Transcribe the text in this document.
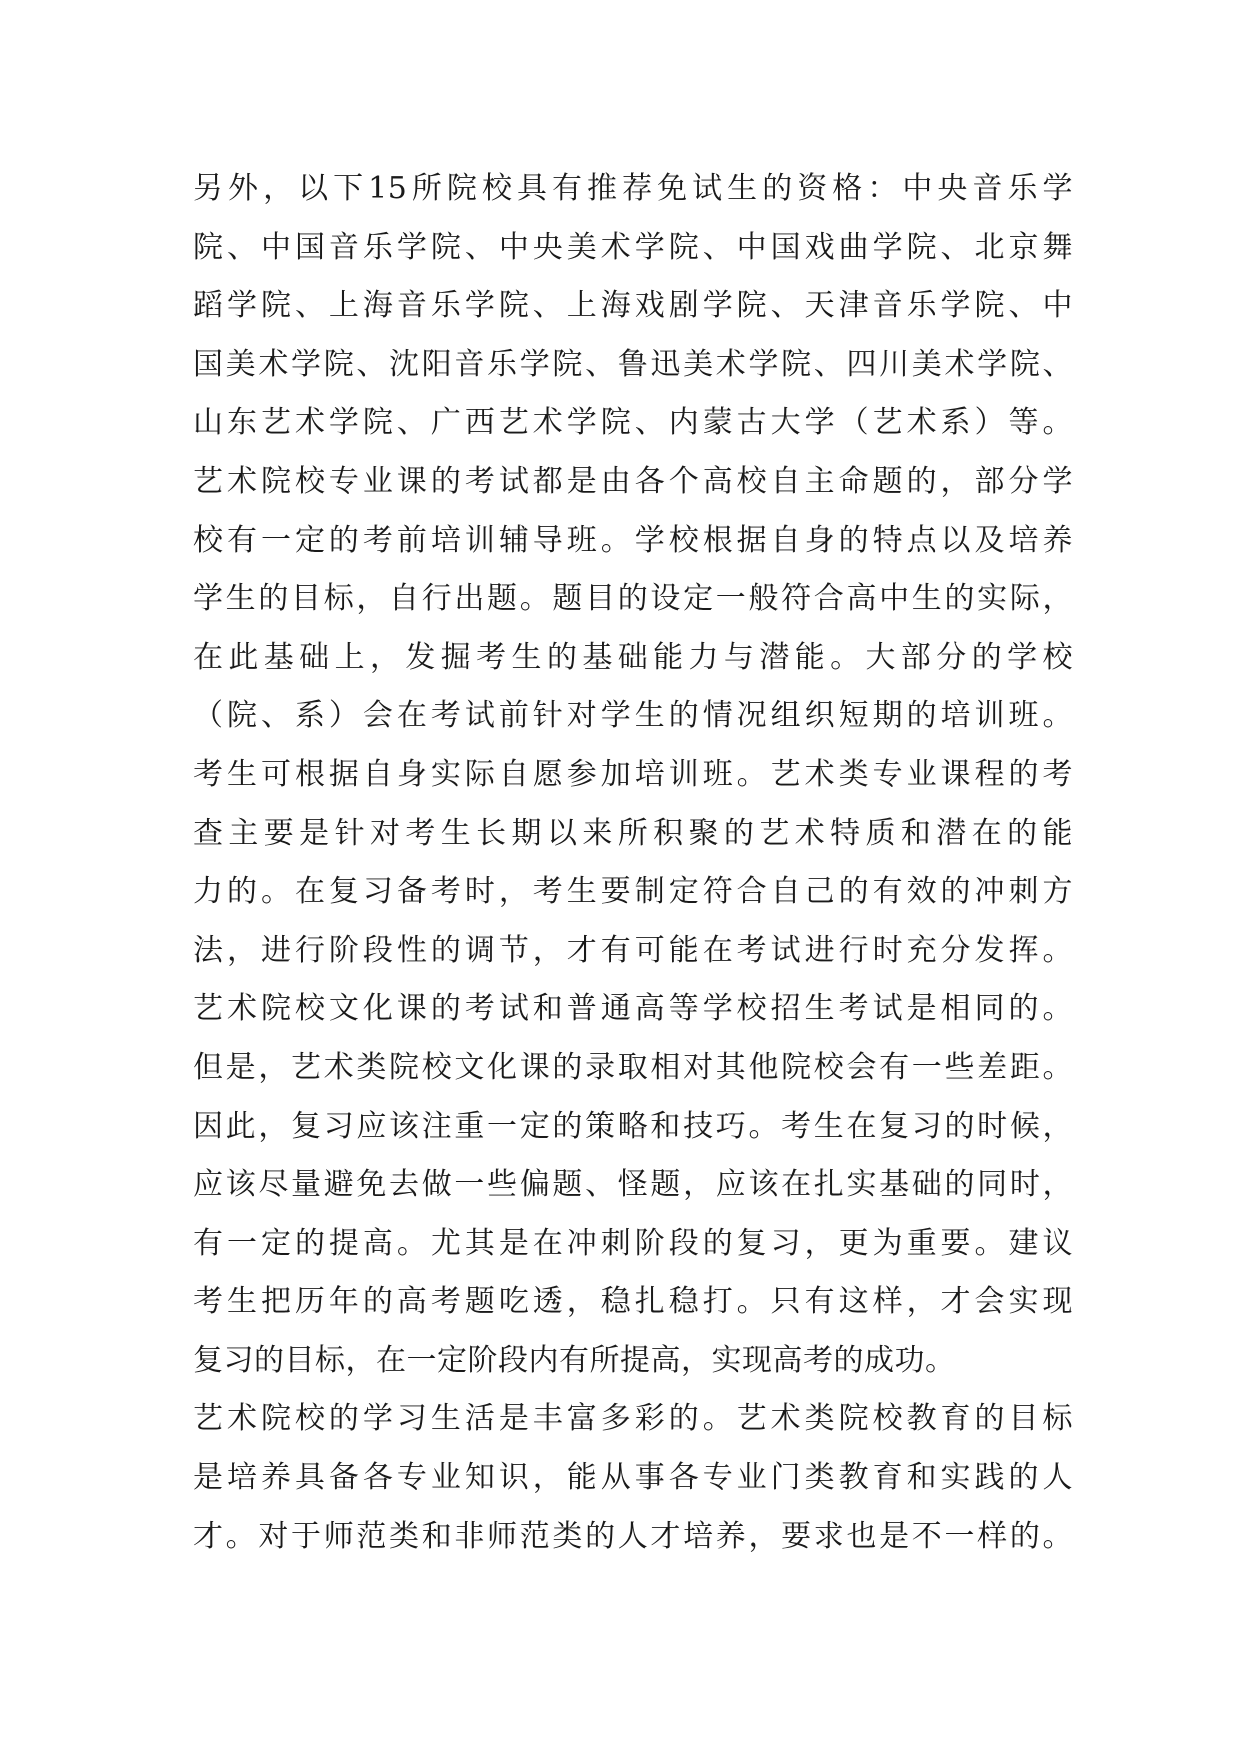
另外，以下15所院校具有推荐免试生的资格：中央音乐学
院、中国音乐学院、中央美术学院、中国戏曲学院、北京舞
蹈学院、上海音乐学院、上海戏剧学院、天津音乐学院、中
国美术学院、沈阳音乐学院、鲁迅美术学院、四川美术学院、
山东艺术学院、广西艺术学院、内蒙古大学（艺术系）等。
艺术院校专业课的考试都是由各个高校自主命题的，部分学
校有一定的考前培训辅导班。学校根据自身的特点以及培养
学生的目标，自行出题。题目的设定一般符合高中生的实际，
在此基础上，发掘考生的基础能力与潜能。大部分的学校
（院、系）会在考试前针对学生的情况组织短期的培训班。
考生可根据自身实际自愿参加培训班。艺术类专业课程的考
查主要是针对考生长期以来所积聚的艺术特质和潜在的能
力的。在复习备考时，考生要制定符合自己的有效的冲刺方
法，进行阶段性的调节，才有可能在考试进行时充分发挥。
艺术院校文化课的考试和普通高等学校招生考试是相同的。
但是，艺术类院校文化课的录取相对其他院校会有一些差距。
因此，复习应该注重一定的策略和技巧。考生在复习的时候，
应该尽量避免去做一些偏题、怪题，应该在扎实基础的同时，
有一定的提高。尤其是在冲刺阶段的复习，更为重要。建议
考生把历年的高考题吃透，稳扎稳打。只有这样，才会实现
复习的目标，在一定阶段内有所提高，实现高考的成功。
艺术院校的学习生活是丰富多彩的。艺术类院校教育的目标
是培养具备各专业知识，能从事各专业门类教育和实践的人
才。对于师范类和非师范类的人才培养，要求也是不一样的。
